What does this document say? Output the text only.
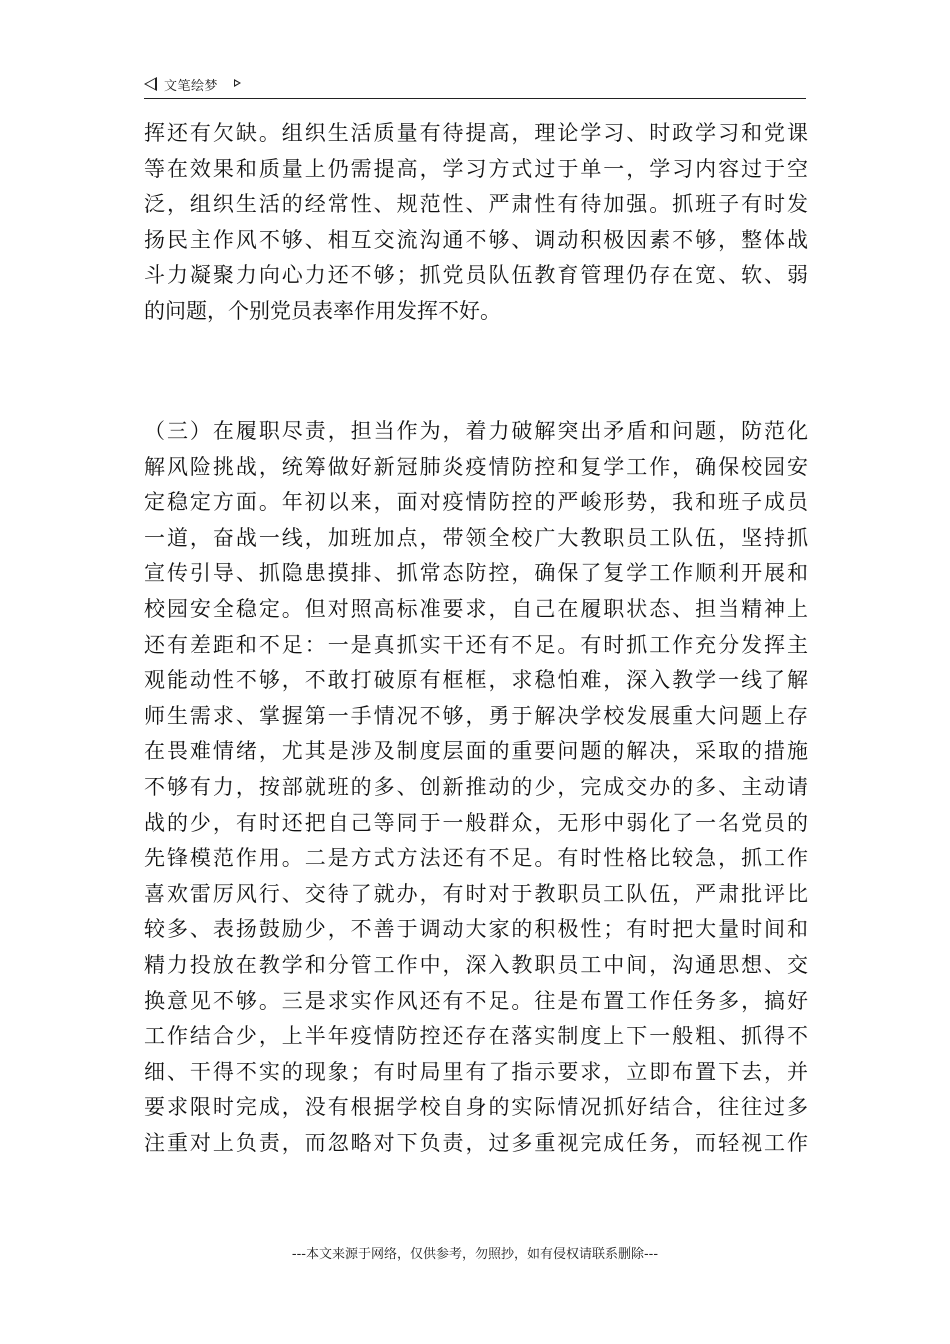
文笔绘梦
挥还有欠缺。组织生活质量有待提高，理论学习、时政学习和党课
等在效果和质量上仍需提高，学习方式过于单一，学习内容过于空
泛，组织生活的经常性、规范性、严肃性有待加强。抓班子有时发
扬民主作风不够、相互交流沟通不够、调动积极因素不够，整体战
斗力凝聚力向心力还不够；抓党员队伍教育管理仍存在宽、软、弱
的问题，个别党员表率作用发挥不好。
（三）在履职尽责，担当作为，着力破解突出矛盾和问题，防范化
解风险挑战，统筹做好新冠肺炎疫情防控和复学工作，确保校园安
定稳定方面。年初以来，面对疫情防控的严峻形势，我和班子成员
一道，奋战一线，加班加点，带领全校广大教职员工队伍，坚持抓
宣传引导、抓隐患摸排、抓常态防控，确保了复学工作顺利开展和
校园安全稳定。但对照高标准要求，自己在履职状态、担当精神上
还有差距和不足：一是真抓实干还有不足。有时抓工作充分发挥主
观能动性不够，不敢打破原有框框，求稳怕难，深入教学一线了解
师生需求、掌握第一手情况不够，勇于解决学校发展重大问题上存
在畏难情绪，尤其是涉及制度层面的重要问题的解决，采取的措施
不够有力，按部就班的多、创新推动的少，完成交办的多、主动请
战的少，有时还把自己等同于一般群众，无形中弱化了一名党员的
先锋模范作用。二是方式方法还有不足。有时性格比较急，抓工作
喜欢雷厉风行、交待了就办，有时对于教职员工队伍，严肃批评比
较多、表扬鼓励少，不善于调动大家的积极性；有时把大量时间和
精力投放在教学和分管工作中，深入教职员工中间，沟通思想、交
换意见不够。三是求实作风还有不足。往是布置工作任务多，搞好
工作结合少，上半年疫情防控还存在落实制度上下一般粗、抓得不
细、干得不实的现象；有时局里有了指示要求，立即布置下去，并
要求限时完成，没有根据学校自身的实际情况抓好结合，往往过多
注重对上负责，而忽略对下负责，过多重视完成任务，而轻视工作
---本文来源于网络，仅供参考，勿照抄，如有侵权请联系删除---
